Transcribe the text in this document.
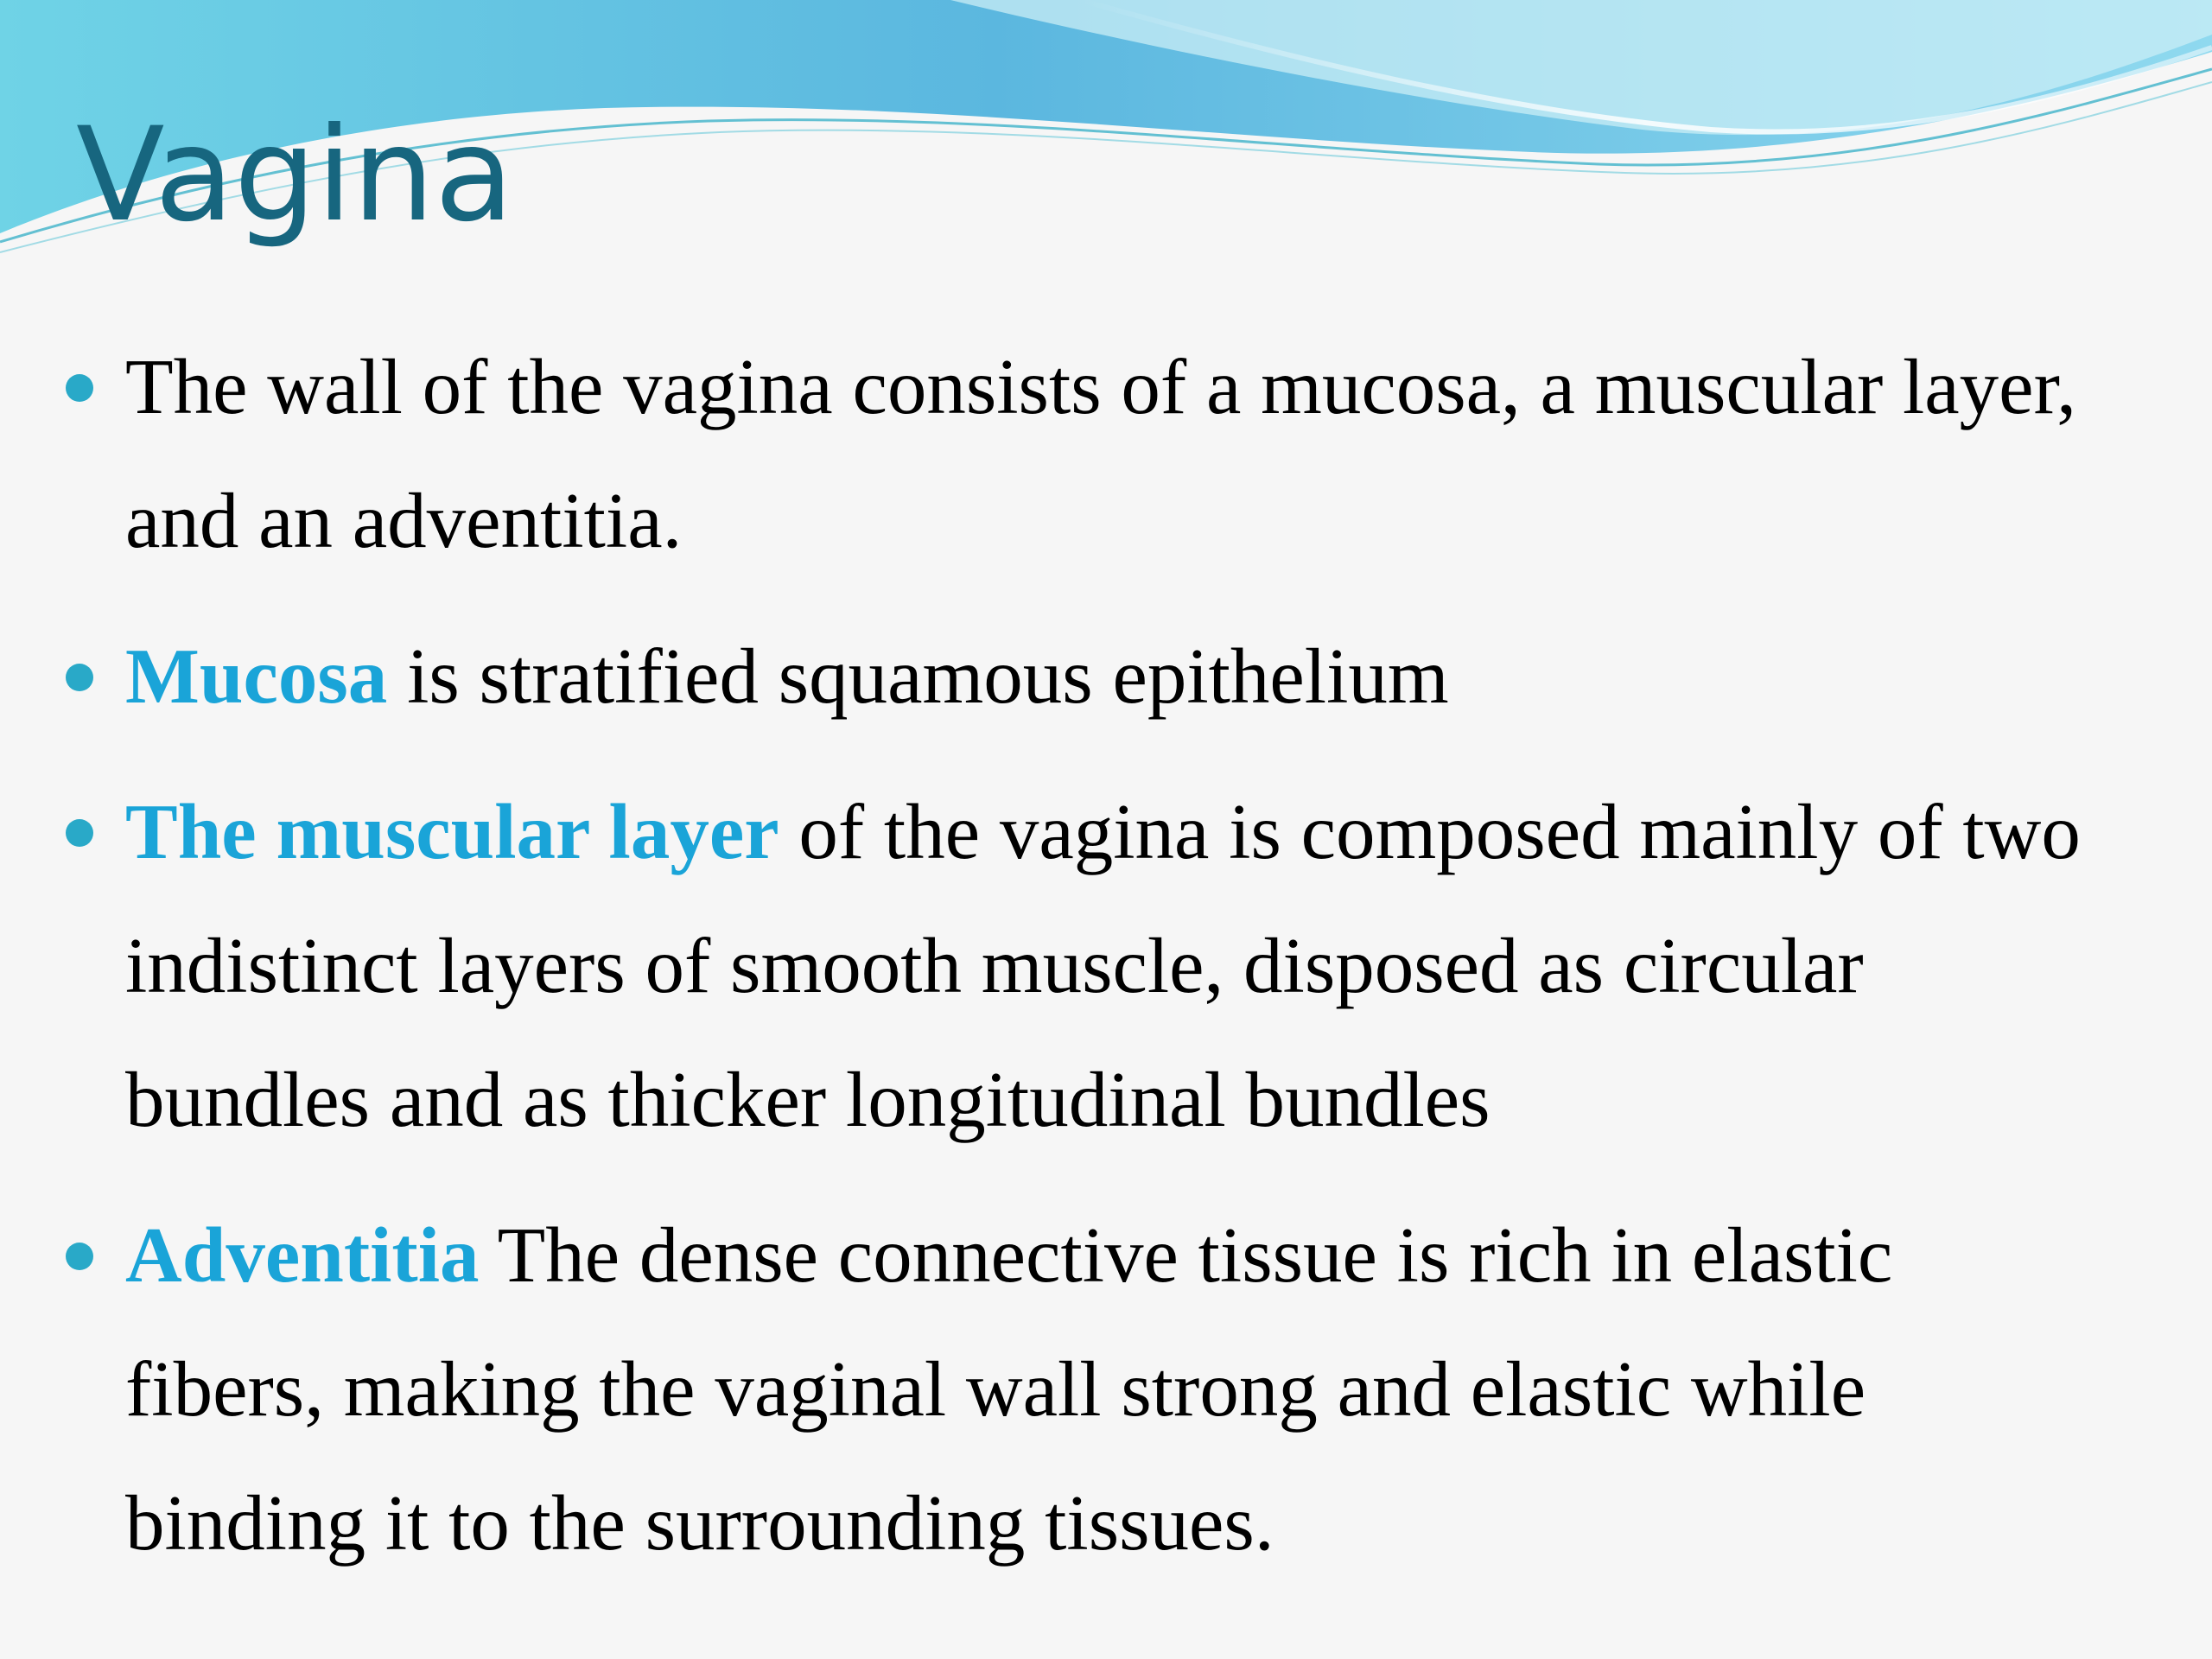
Vagina
The wall of the vagina consists of a mucosa, a muscular layer, and an adventitia.
Mucosa is stratified squamous epithelium
The muscular layer of the vagina is composed mainly of two indistinct layers of smooth muscle, disposed as circular bundles and as thicker longitudinal bundles
Adventitia The dense connective tissue is rich in elastic fibers, making the vaginal wall strong and elastic while binding it to the surrounding tissues.
